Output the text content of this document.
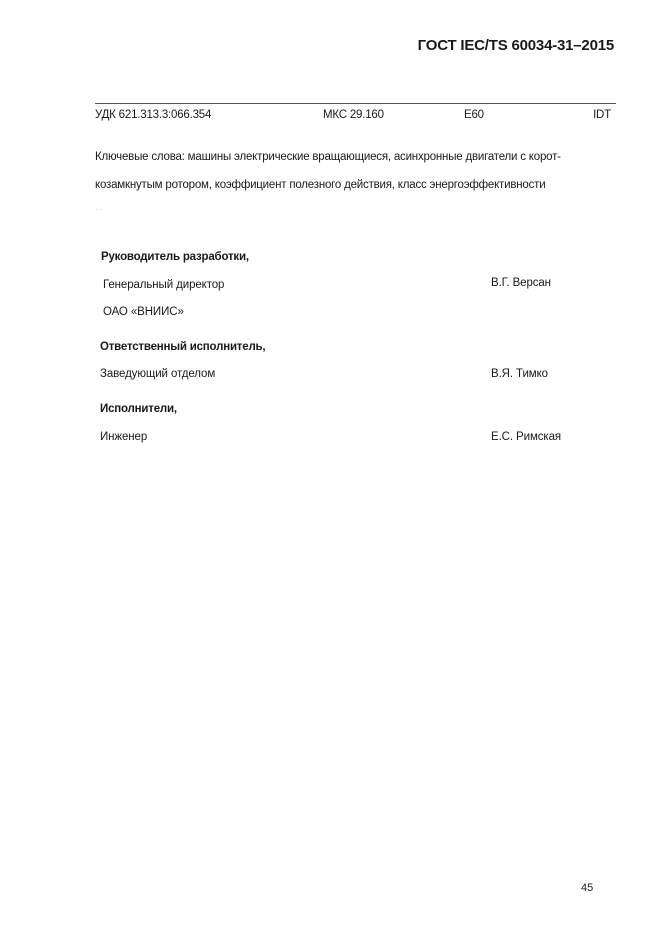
ГОСТ IEC/TS 60034-31–2015
УДК 621.313.3:066.354	МКС 29.160	Е60	IDT

Ключевые слова: машины электрические вращающиеся, асинхронные двигатели с корот-

козамкнутым ротором, коэффициент полезного действия, класс энергоэффективности

· ·
Руководитель разработки,
Генеральный директор	В.Г. Версан
ОАО «ВНИИС»
Ответственный исполнитель,
Заведующий отделом	В.Я. Тимко
Исполнители,
Инженер	Е.С. Римская
45
